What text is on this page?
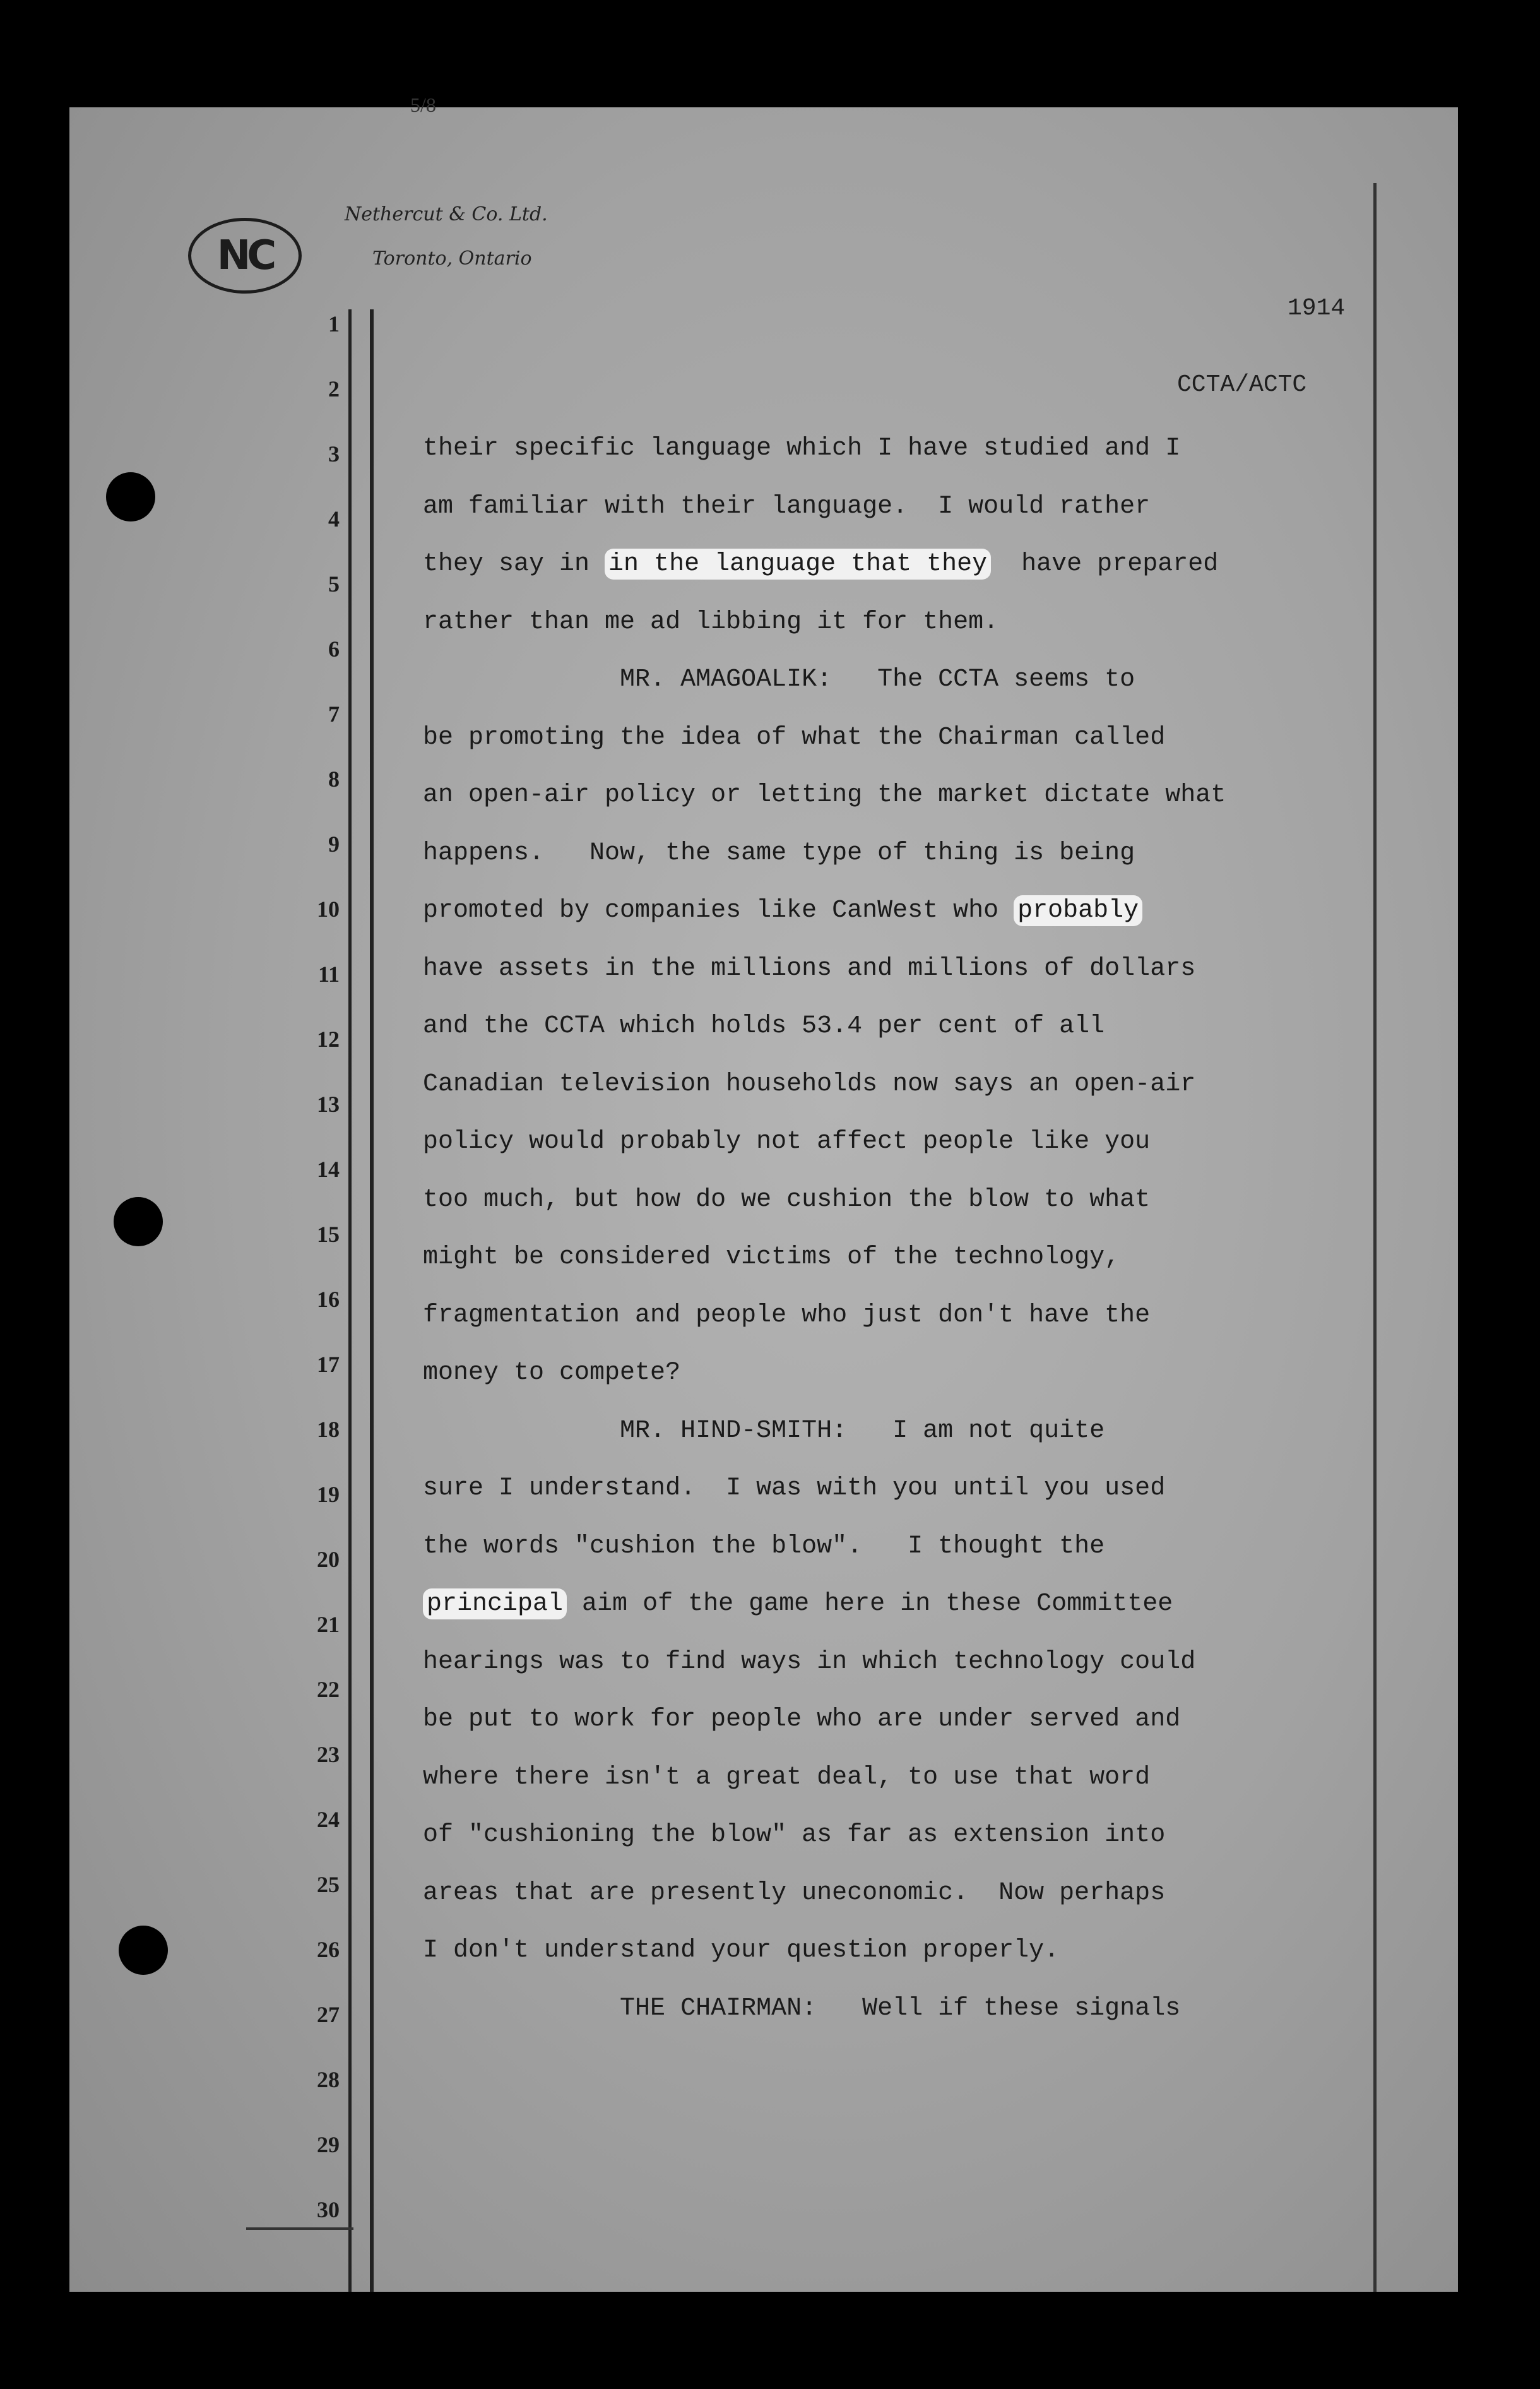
5/8
NC
Nethercut & Co. Ltd.
Toronto, Ontario
1914
CCTA/ACTC
1
2
3
4
5
6
7
8
9
10
11
12
13
14
15
16
17
18
19
20
21
22
23
24
25
26
27
28
29
30
their specific language which I have studied and I
am familiar with their language.  I would rather
they say in in the language that they  have prepared
rather than me ad libbing it for them.
MR. AMAGOALIK:   The CCTA seems to
be promoting the idea of what the Chairman called
an open-air policy or letting the market dictate what
happens.   Now, the same type of thing is being
promoted by companies like CanWest who probably
have assets in the millions and millions of dollars
and the CCTA which holds 53.4 per cent of all
Canadian television households now says an open-air
policy would probably not affect people like you
too much, but how do we cushion the blow to what
might be considered victims of the technology,
fragmentation and people who just don't have the
money to compete?
MR. HIND-SMITH:   I am not quite
sure I understand.  I was with you until you used
the words "cushion the blow".   I thought the
principal aim of the game here in these Committee
hearings was to find ways in which technology could
be put to work for people who are under served and
where there isn't a great deal, to use that word
of "cushioning the blow" as far as extension into
areas that are presently uneconomic.  Now perhaps
I don't understand your question properly.
THE CHAIRMAN:   Well if these signals
